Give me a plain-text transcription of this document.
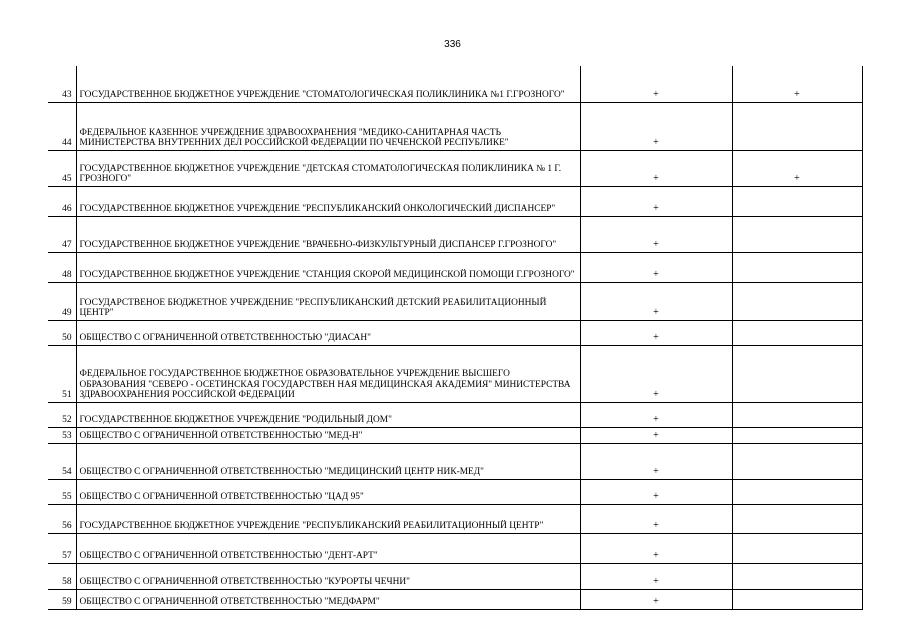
336
43	ГОСУДАРСТВЕННОЕ БЮДЖЕТНОЕ УЧРЕЖДЕНИЕ "СТОМАТОЛОГИЧЕСКАЯ ПОЛИКЛИНИКА №1 Г.ГРОЗНОГО"	+	+
44	ФЕДЕРАЛЬНОЕ КАЗЕННОЕ УЧРЕЖДЕНИЕ ЗДРАВООХРАНЕНИЯ "МЕДИКО-САНИТАРНАЯ ЧАСТЬ МИНИСТЕРСТВА ВНУТРЕННИХ ДЕЛ РОССИЙСКОЙ ФЕДЕРАЦИИ ПО ЧЕЧЕНСКОЙ РЕСПУБЛИКЕ"	+	
45	ГОСУДАРСТВЕННОЕ БЮДЖЕТНОЕ УЧРЕЖДЕНИЕ "ДЕТСКАЯ СТОМАТОЛОГИЧЕСКАЯ ПОЛИКЛИНИКА № 1 Г. ГРОЗНОГО"	+	+
46	ГОСУДАРСТВЕННОЕ БЮДЖЕТНОЕ УЧРЕЖДЕНИЕ "РЕСПУБЛИКАНСКИЙ ОНКОЛОГИЧЕСКИЙ ДИСПАНСЕР"	+	
47	ГОСУДАРСТВЕННОЕ БЮДЖЕТНОЕ УЧРЕЖДЕНИЕ "ВРАЧЕБНО-ФИЗКУЛЬТУРНЫЙ ДИСПАНСЕР Г.ГРОЗНОГО"	+	
48	ГОСУДАРСТВЕННОЕ БЮДЖЕТНОЕ УЧРЕЖДЕНИЕ "СТАНЦИЯ СКОРОЙ МЕДИЦИНСКОЙ ПОМОЩИ Г.ГРОЗНОГО"	+	
49	ГОСУДАРСТВЕНОЕ БЮДЖЕТНОЕ УЧРЕЖДЕНИЕ "РЕСПУБЛИКАНСКИЙ ДЕТСКИЙ РЕАБИЛИТАЦИОННЫЙ ЦЕНТР"	+	
50	ОБЩЕСТВО С ОГРАНИЧЕННОЙ ОТВЕТСТВЕННОСТЬЮ "ДИАСАН"	+	
51	ФЕДЕРАЛЬНОЕ ГОСУДАРСТВЕННОЕ БЮДЖЕТНОЕ ОБРАЗОВАТЕЛЬНОЕ УЧРЕЖДЕНИЕ ВЫСШЕГО ОБРАЗОВАНИЯ "СЕВЕРО - ОСЕТИНСКАЯ ГОСУДАРСТВЕН НАЯ МЕДИЦИНСКАЯ АКАДЕМИЯ" МИНИСТЕРСТВА ЗДРАВООХРАНЕНИЯ РОССИЙСКОЙ ФЕДЕРАЦИИ	+	
52	ГОСУДАРСТВЕННОЕ БЮДЖЕТНОЕ УЧРЕЖДЕНИЕ "РОДИЛЬНЫЙ ДОМ"	+	
53	ОБЩЕСТВО С ОГРАНИЧЕННОЙ ОТВЕТСТВЕННОСТЬЮ "МЕД-Н"	+	
54	ОБЩЕСТВО С ОГРАНИЧЕННОЙ ОТВЕТСТВЕННОСТЬЮ "МЕДИЦИНСКИЙ ЦЕНТР НИК-МЕД"	+	
55	ОБЩЕСТВО С ОГРАНИЧЕННОЙ ОТВЕТСТВЕННОСТЬЮ "ЦАД 95"	+	
56	ГОСУДАРСТВЕННОЕ БЮДЖЕТНОЕ УЧРЕЖДЕНИЕ "РЕСПУБЛИКАНСКИЙ РЕАБИЛИТАЦИОННЫЙ ЦЕНТР"	+	
57	ОБЩЕСТВО С ОГРАНИЧЕННОЙ ОТВЕТСТВЕННОСТЬЮ "ДЕНТ-АРТ"	+	
58	ОБЩЕСТВО С ОГРАНИЧЕННОЙ ОТВЕТСТВЕННОСТЬЮ "КУРОРТЫ ЧЕЧНИ"	+	
59	ОБЩЕСТВО С ОГРАНИЧЕННОЙ ОТВЕТСТВЕННОСТЬЮ "МЕДФАРМ"	+	
